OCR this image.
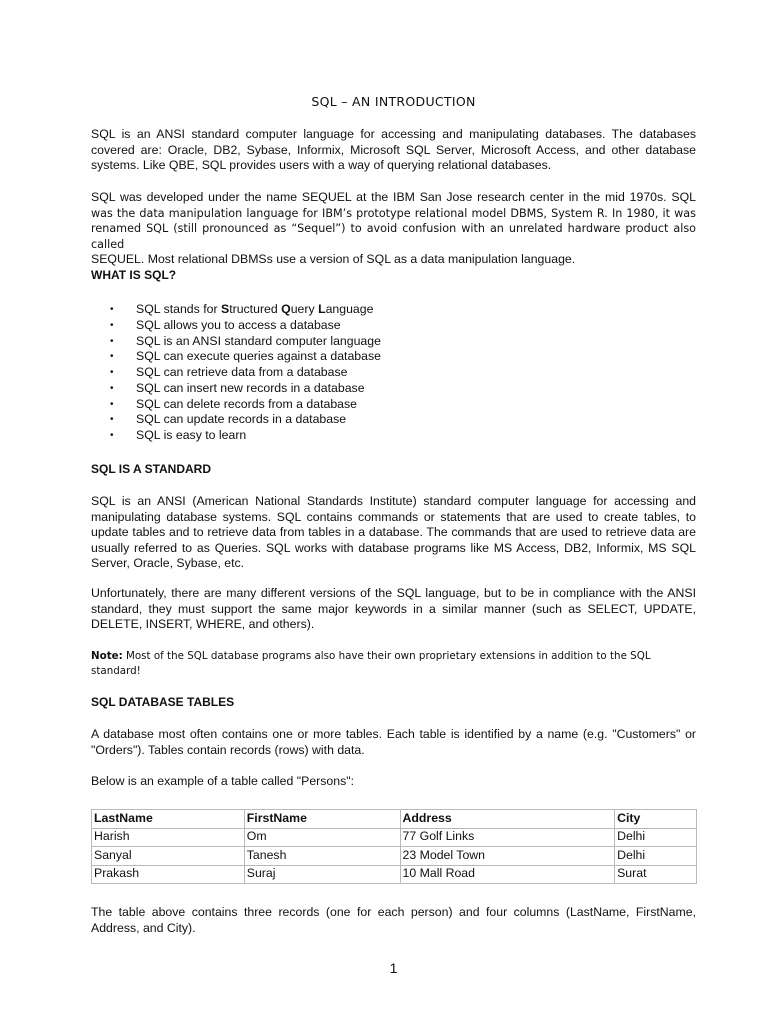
SQL – AN INTRODUCTION

SQL is an ANSI standard computer language for accessing and manipulating databases. The databases covered are: Oracle, DB2, Sybase, Informix, Microsoft SQL Server, Microsoft Access, and other database systems. Like QBE, SQL provides users with a way of querying relational databases.

SQL was developed under the name SEQUEL at the IBM San Jose research center in the mid 1970s. SQL
was the data manipulation language for IBM’s prototype relational model DBMS, System R. In 1980, it was
renamed SQL (still pronounced as “Sequel”) to avoid confusion with an unrelated hardware product also called
SEQUEL. Most relational DBMSs use a version of SQL as a data manipulation language.

WHAT IS SQL?

• SQL stands for Structured Query Language
• SQL allows you to access a database
• SQL is an ANSI standard computer language
• SQL can execute queries against a database
• SQL can retrieve data from a database
• SQL can insert new records in a database
• SQL can delete records from a database
• SQL can update records in a database
• SQL is easy to learn

SQL IS A STANDARD

SQL is an ANSI (American National Standards Institute) standard computer language for accessing and manipulating database systems. SQL contains commands or statements that are used to create tables, to update tables and to retrieve data from tables in a database. The commands that are used to retrieve data are usually referred to as Queries. SQL works with database programs like MS Access, DB2, Informix, MS SQL Server, Oracle, Sybase, etc.

Unfortunately, there are many different versions of the SQL language, but to be in compliance with the ANSI standard, they must support the same major keywords in a similar manner (such as SELECT, UPDATE, DELETE, INSERT, WHERE, and others).

Note: Most of the SQL database programs also have their own proprietary extensions in addition to the SQL standard!

SQL DATABASE TABLES

A database most often contains one or more tables. Each table is identified by a name (e.g. "Customers" or "Orders"). Tables contain records (rows) with data.

Below is an example of a table called "Persons":

LastName	FirstName	Address	City
Harish	Om	77 Golf Links	Delhi
Sanyal	Tanesh	23 Model Town	Delhi
Prakash	Suraj	10 Mall Road	Surat

The table above contains three records (one for each person) and four columns (LastName, FirstName, Address, and City).

1
